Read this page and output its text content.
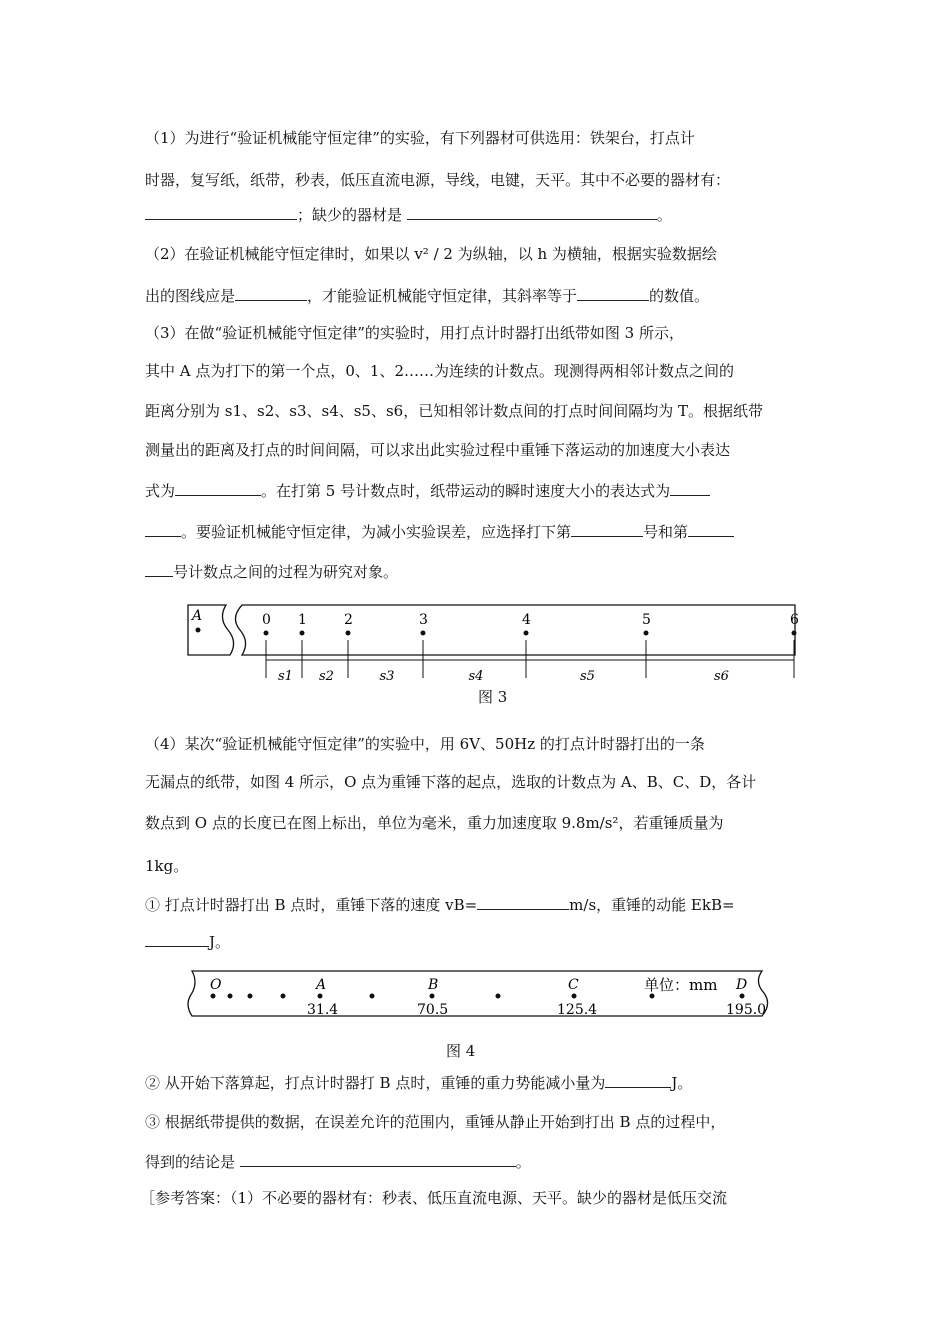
（1）为进行“验证机械能守恒定律”的实验，有下列器材可供选用：铁架台，打点计
时器，复写纸，纸带，秒表，低压直流电源，导线，电键，天平。其中不必要的器材有：
；缺少的器材是	。
（2）在验证机械能守恒定律时，如果以 v² / 2 为纵轴，以 h 为横轴，根据实验数据绘
出的图线应是	，才能验证机械能守恒定律，其斜率等于	的数值。
（3）在做“验证机械能守恒定律”的实验时，用打点计时器打出纸带如图 3 所示，
其中 A 点为打下的第一个点，0、1、2……为连续的计数点。现测得两相邻计数点之间的
距离分别为 s1、s2、s3、s4、s5、s6，已知相邻计数点间的打点时间间隔均为 T。根据纸带
测量出的距离及打点的时间间隔，可以求出此实验过程中重锤下落运动的加速度大小表达
式为	。在打第 5 号计数点时，纸带运动的瞬时速度大小的表达式为
。要验证机械能守恒定律，为减小实验误差，应选择打下第	号和第
号计数点之间的过程为研究对象。
A	0 1	2	3	4	5	6
s1 s2	s3	s4	s5	s6
图 3
（4）某次“验证机械能守恒定律”的实验中，用 6V、50Hz 的打点计时器打出的一条
无漏点的纸带，如图 4 所示，O 点为重锤下落的起点，选取的计数点为 A、B、C、D，各计
数点到 O 点的长度已在图上标出，单位为毫米，重力加速度取 9.8m/s²，若重锤质量为
1kg。
① 打点计时器打出 B 点时，重锤下落的速度 vB=	m/s，重锤的动能 EkB=
J。
单位：mm
O	A	B	C	D
31.4	70.5	125.4	195.0
图 4
② 从开始下落算起，打点计时器打 B 点时，重锤的重力势能减小量为	J。
③ 根据纸带提供的数据，在误差允许的范围内，重锤从静止开始到打出 B 点的过程中，
得到的结论是	。
［参考答案：（1）不必要的器材有：秒表、低压直流电源、天平。缺少的器材是低压交流
